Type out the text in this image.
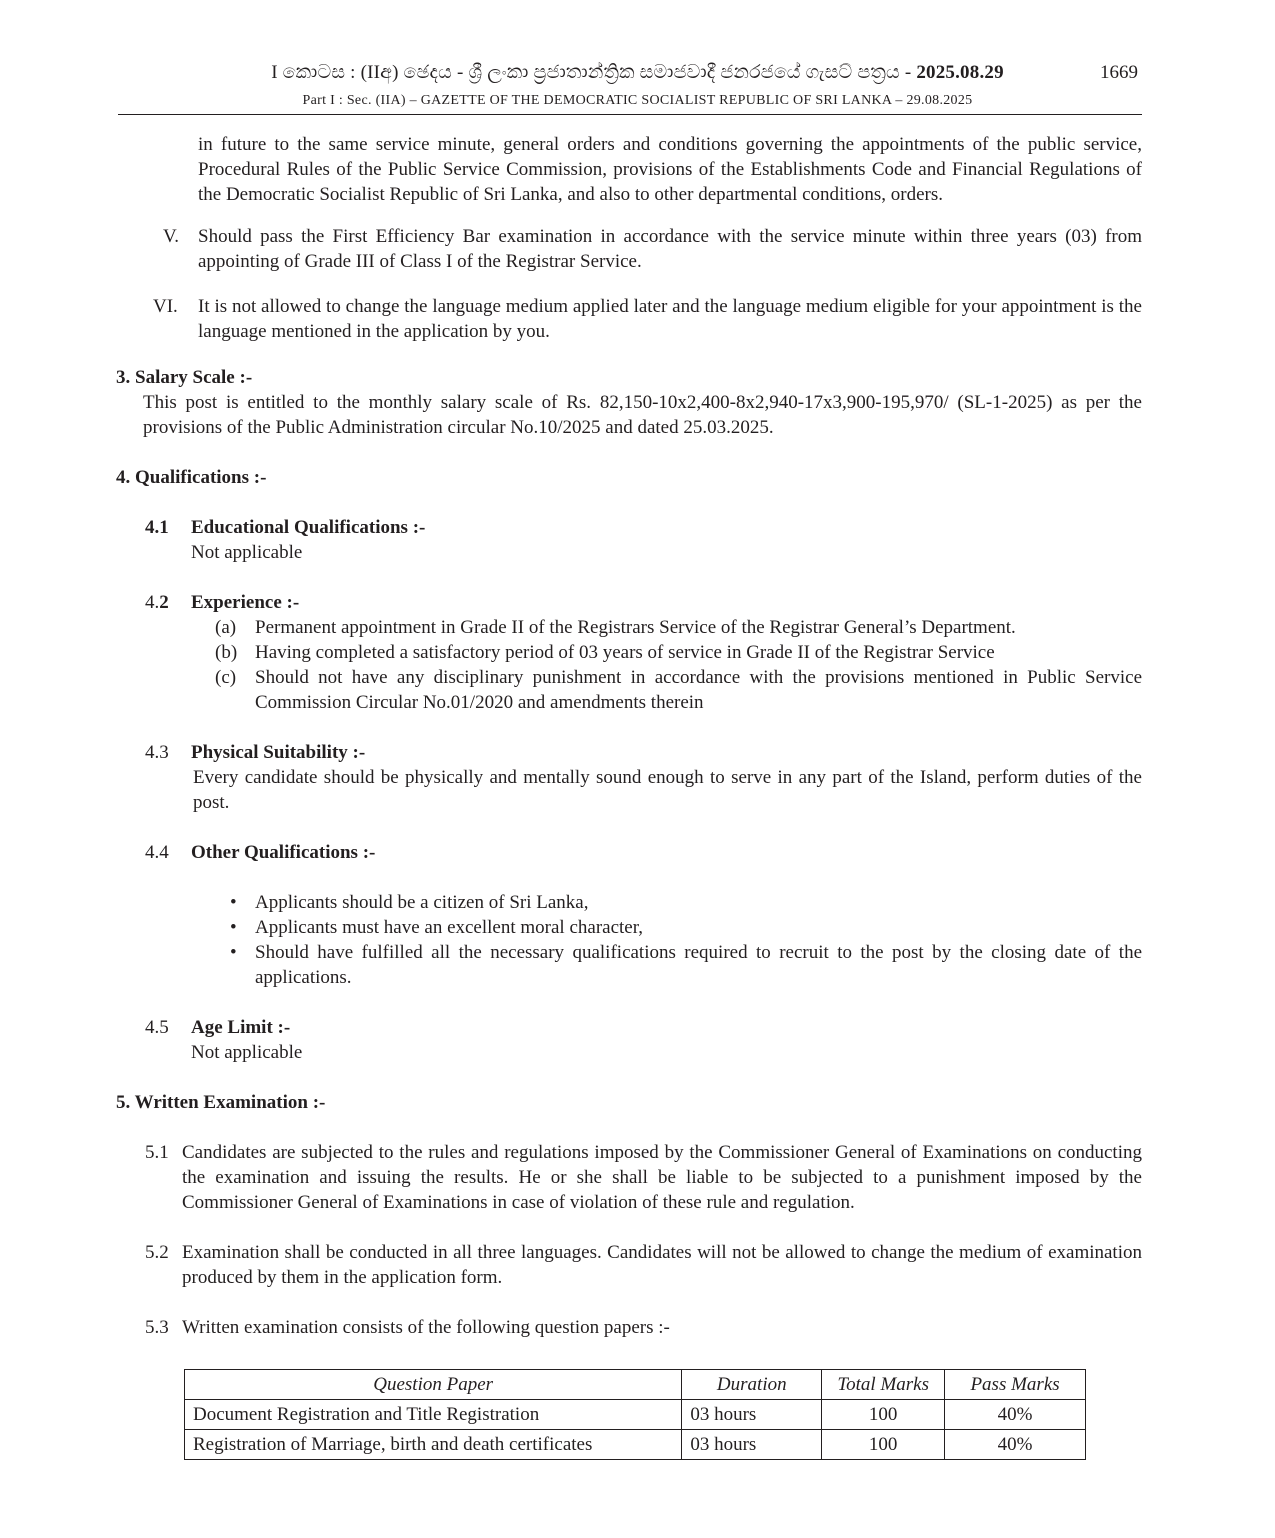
I කොටස : (IIඅ) ඡෙදය - ශ්‍රී ලංකා ප්‍රජාතාන්ත්‍රික සමාජවාදී ජනරජයේ ගැසට් පත්‍රය - 2025.08.29	1669
Part I : Sec. (IIA) – GAZETTE OF THE DEMOCRATIC SOCIALIST REPUBLIC OF SRI LANKA – 29.08.2025
in future to the same service minute, general orders and conditions governing the appointments of the public service, Procedural Rules of the Public Service Commission, provisions of the Establishments Code and Financial Regulations of the Democratic Socialist Republic of Sri Lanka, and also to other departmental conditions, orders.
V. Should pass the First Efficiency Bar examination in accordance with the service minute within three years (03) from appointing of Grade III of Class I of the Registrar Service.
VI. It is not allowed to change the language medium applied later and the language medium eligible for your appointment is the language mentioned in the application by you.
3. Salary Scale :-
This post is entitled to the monthly salary scale of Rs. 82,150-10x2,400-8x2,940-17x3,900-195,970/ (SL-1-2025) as per the provisions of the Public Administration circular No.10/2025 and dated 25.03.2025.
4. Qualifications :-
4.1 Educational Qualifications :-
Not applicable
4.2 Experience :-
(a) Permanent appointment in Grade II of the Registrars Service of the Registrar General’s Department.
(b) Having completed a satisfactory period of 03 years of service in Grade II of the Registrar Service
(c) Should not have any disciplinary punishment in accordance with the provisions mentioned in Public Service Commission Circular No.01/2020 and amendments therein
4.3 Physical Suitability :-
Every candidate should be physically and mentally sound enough to serve in any part of the Island, perform duties of the post.
4.4 Other Qualifications :-
• Applicants should be a citizen of Sri Lanka,
• Applicants must have an excellent moral character,
• Should have fulfilled all the necessary qualifications required to recruit to the post by the closing date of the applications.
4.5 Age Limit :-
Not applicable
5. Written Examination :-
5.1 Candidates are subjected to the rules and regulations imposed by the Commissioner General of Examinations on conducting the examination and issuing the results. He or she shall be liable to be subjected to a punishment imposed by the Commissioner General of Examinations in case of violation of these rule and regulation.
5.2 Examination shall be conducted in all three languages. Candidates will not be allowed to change the medium of examination produced by them in the application form.
5.3 Written examination consists of the following question papers :-
Question Paper	Duration	Total Marks	Pass Marks
Document Registration and Title Registration	03 hours	100	40%
Registration of Marriage, birth and death certificates	03 hours	100	40%
